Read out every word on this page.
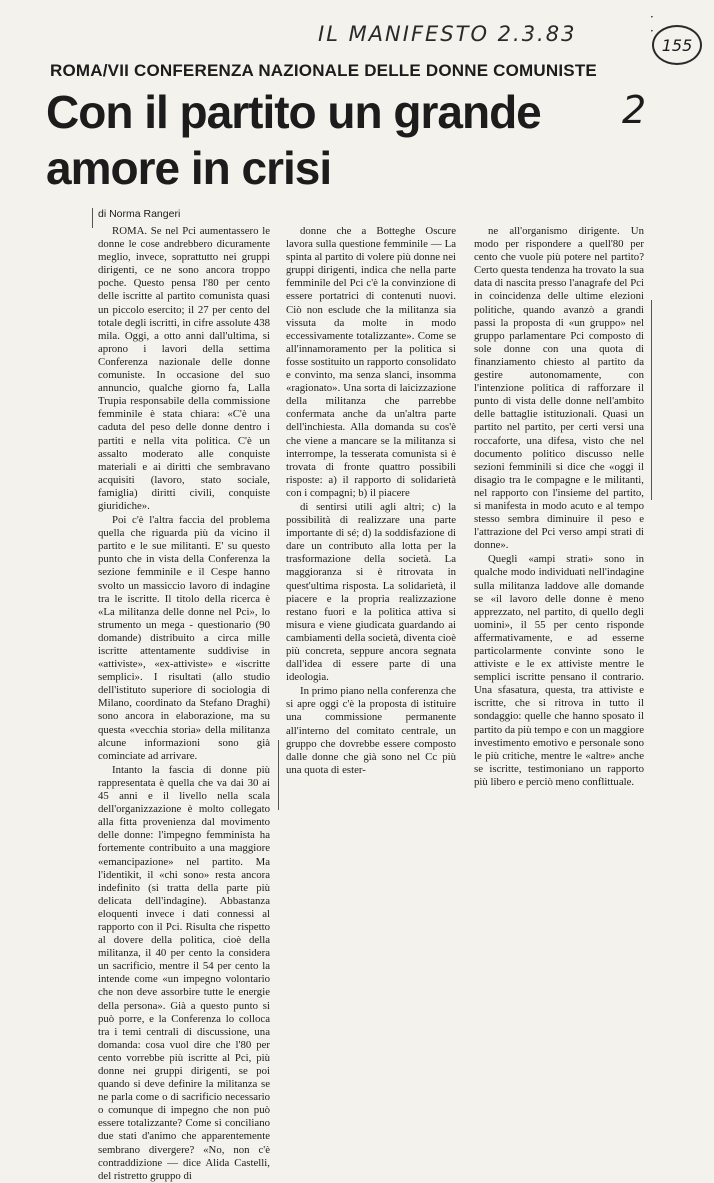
· ·
IL MANIFESTO 2.3.83	155
ROMA/VII CONFERENZA NAZIONALE DELLE DONNE COMUNISTE
Con il partito un grande amore in crisi
2
di Norma Rangeri

ROMA. Se nel Pci aumentassero le donne le cose andrebbero dicuramente meglio, invece, soprattutto nei gruppi dirigenti, ce ne sono ancora troppo poche. Questo pensa l'80 per cento delle iscritte al partito comunista quasi un piccolo esercito; il 27 per cento del totale degli iscritti, in cifre assolute 438 mila. Oggi, a otto anni dall'ultima, si aprono i lavori della settima Conferenza nazionale delle donne comuniste. In occasione del suo annuncio, qualche giorno fa, Lalla Trupia responsabile della commissione femminile è stata chiara: «C'è una caduta del peso delle donne dentro i partiti e nella vita politica. C'è un assalto moderato alle conquiste materiali e ai diritti che sembravano acquisiti (lavoro, stato sociale, famiglia) diritti civili, conquiste giuridiche».

Poi c'è l'altra faccia del problema quella che riguarda più da vicino il partito e le sue militanti. E' su questo punto che in vista della Conferenza la sezione femminile e il Cespe hanno svolto un massiccio lavoro di indagine tra le iscritte. Il titolo della ricerca è «La militanza delle donne nel Pci», lo strumento un mega - questionario (90 domande) distribuito a circa mille iscritte attentamente suddivise in «attiviste», «ex-attiviste» e «iscritte semplici». I risultati (allo studio dell'istituto superiore di sociologia di Milano, coordinato da Stefano Draghi) sono ancora in elaborazione, ma su questa «vecchia storia» della militanza alcune informazioni sono già cominciate ad arrivare.

Intanto la fascia di donne più rappresentata è quella che va dai 30 ai 45 anni e il livello nella scala dell'organizzazione è molto collegato alla fitta provenienza dal movimento delle donne: l'impegno femminista ha fortemente contribuito a una maggiore «emancipazione» nel partito. Ma l'identikit, il «chi sono» resta ancora indefinito (si tratta della parte più delicata dell'indagine). Abbastanza eloquenti invece i dati connessi al rapporto con il Pci. Risulta che rispetto al dovere della politica, cioè della militanza, il 40 per cento la considera un sacrificio, mentre il 54 per cento la intende come «un impegno volontario che non deve assorbire tutte le energie della persona». Già a questo punto si può porre, e la Conferenza lo colloca tra i temi centrali di discussione, una domanda: cosa vuol dire che l'80 per cento vorrebbe più iscritte al Pci, più donne nei gruppi dirigenti, se poi quando si deve definire la militanza se ne parla come o di sacrificio necessario o comunque di impegno che non può essere totalizzante? Come si conciliano due stati d'animo che apparentemente sembrano divergere? «No, non c'è contraddizione — dice Alida Castelli, del ristretto gruppo di

donne che a Botteghe Oscure lavora sulla questione femminile — La spinta al partito di volere più donne nei gruppi dirigenti, indica che nella parte femminile del Pci c'è la convinzione di essere portatrici di contenuti nuovi. Ciò non esclude che la militanza sia vissuta da molte in modo eccessivamente totalizzante». Come se all'innamoramento per la politica si fosse sostituito un rapporto consolidato e convinto, ma senza slanci, insomma «ragionato». Una sorta di laicizzazione della militanza che parrebbe confermata anche da un'altra parte dell'inchiesta. Alla domanda su cos'è che viene a mancare se la militanza si interrompe, la tesserata comunista si è trovata di fronte quattro possibili risposte: a) il rapporto di solidarietà con i compagni; b) il piacere

di sentirsi utili agli altri; c) la possibilità di realizzare una parte importante di sé; d) la soddisfazione di dare un contributo alla lotta per la trasformazione della società. La maggioranza si è ritrovata in quest'ultima risposta. La solidarietà, il piacere e la propria realizzazione restano fuori e la politica attiva si misura e viene giudicata guardando ai cambiamenti della società, diventa cioè più concreta, seppure ancora segnata dall'idea di essere parte di una ideologia.

In primo piano nella conferenza che si apre oggi c'è la proposta di istituire una commissione permanente all'interno del comitato centrale, un gruppo che dovrebbe essere composto dalle donne che già sono nel Cc più una quota di ester-

ne all'organismo dirigente. Un modo per rispondere a quell'80 per cento che vuole più potere nel partito? Certo questa tendenza ha trovato la sua data di nascita presso l'anagrafe del Pci in coincidenza delle ultime elezioni politiche, quando avanzò a grandi passi la proposta di «un gruppo» nel gruppo parlamentare Pci composto di sole donne con una quota di finanziamento chiesto al partito da gestire autonomamente, con l'intenzione politica di rafforzare il punto di vista delle donne nell'ambito delle battaglie istituzionali. Quasi un partito nel partito, per certi versi una roccaforte, una difesa, visto che nel documento politico discusso nelle sezioni femminili si dice che «oggi il disagio tra le compagne e le militanti, nel rapporto con l'insieme del partito, si manifesta in modo acuto e al tempo stesso sembra diminuire il peso e l'attrazione del Pci verso ampi strati di donne».

Quegli «ampi strati» sono in qualche modo individuati nell'indagine sulla militanza laddove alle domande se «il lavoro delle donne è meno apprezzato, nel partito, di quello degli uomini», il 55 per cento risponde affermativamente, e ad esserne particolarmente convinte sono le attiviste e le ex attiviste mentre le semplici iscritte pensano il contrario. Una sfasatura, questa, tra attiviste e iscritte, che si ritrova in tutto il sondaggio: quelle che hanno sposato il partito da più tempo e con un maggiore investimento emotivo e personale sono le più critiche, mentre le «altre» anche se iscritte, testimoniano un rapporto più libero e perciò meno conflittuale.
